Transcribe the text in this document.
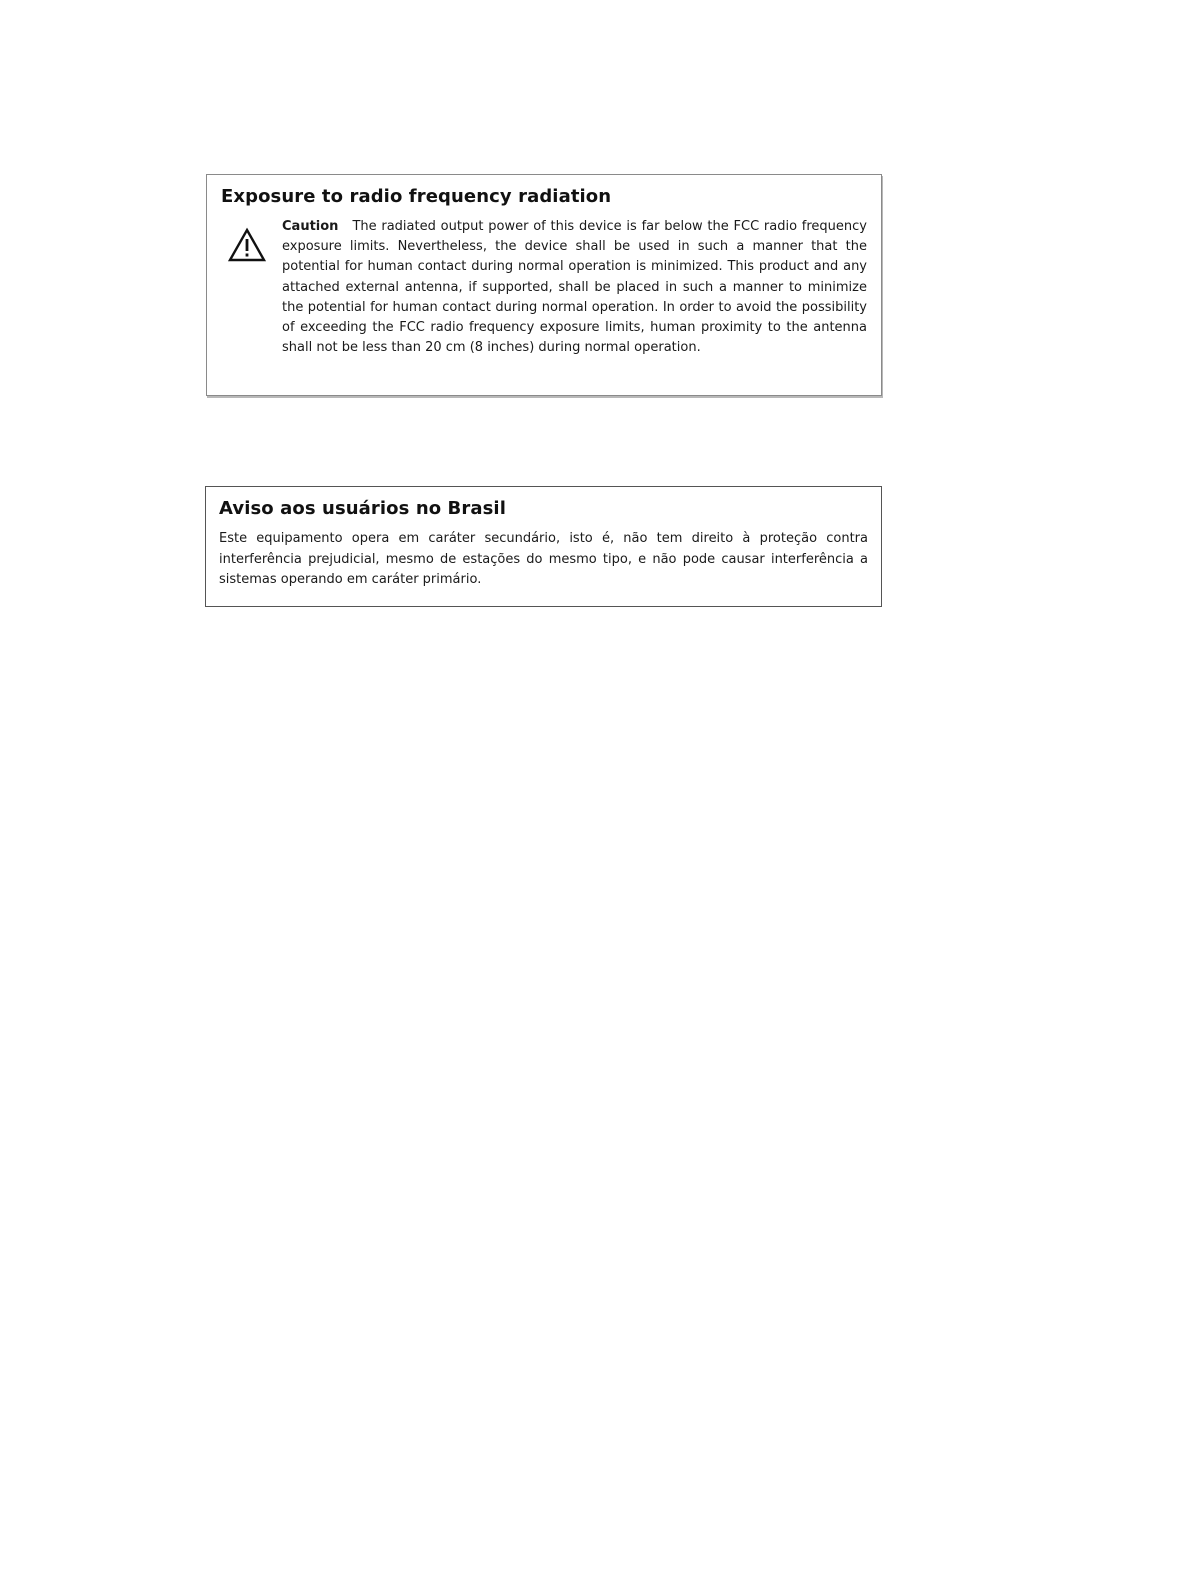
Exposure to radio frequency radiation

Caution The radiated output power of this device is far below the FCC radio frequency exposure limits. Nevertheless, the device shall be used in such a manner that the potential for human contact during normal operation is minimized. This product and any attached external antenna, if supported, shall be placed in such a manner to minimize the potential for human contact during normal operation. In order to avoid the possibility of exceeding the FCC radio frequency exposure limits, human proximity to the antenna shall not be less than 20 cm (8 inches) during normal operation.

Aviso aos usuários no Brasil

Este equipamento opera em caráter secundário, isto é, não tem direito à proteção contra interferência prejudicial, mesmo de estações do mesmo tipo, e não pode causar interferência a sistemas operando em caráter primário.
